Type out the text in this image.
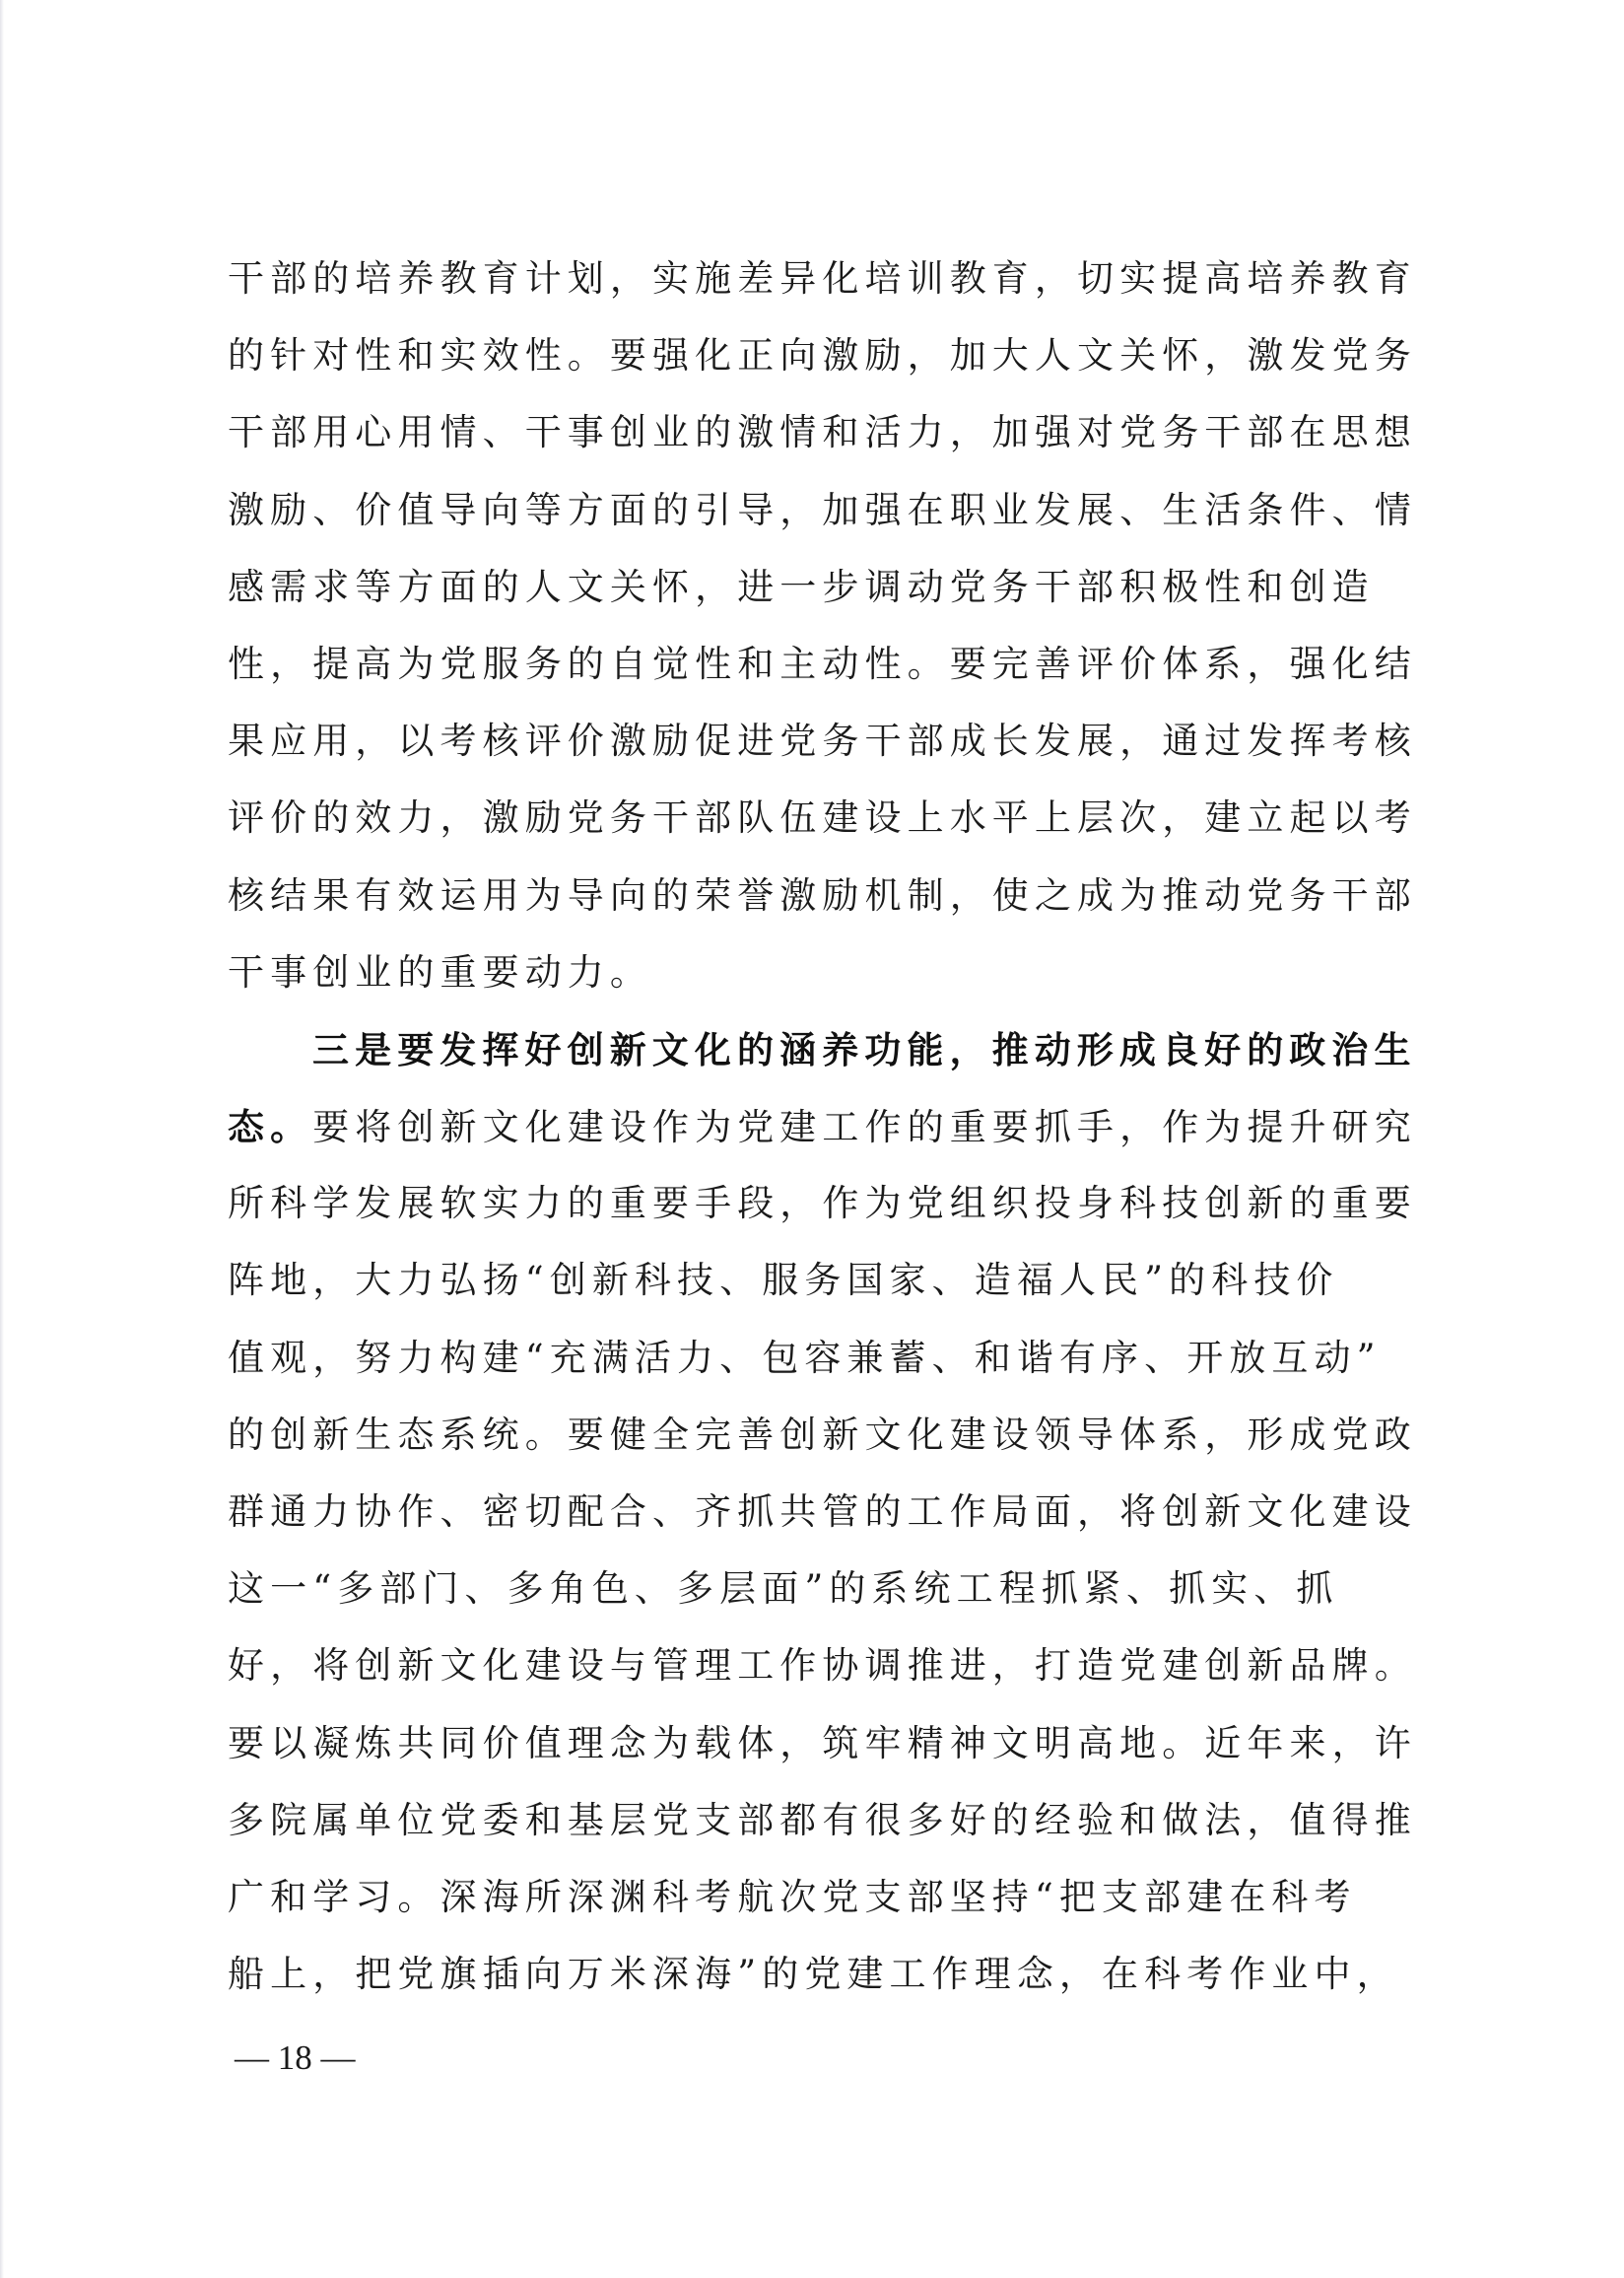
干部的培养教育计划，实施差异化培训教育，切实提高培养教育
的针对性和实效性。要强化正向激励，加大人文关怀，激发党务
干部用心用情、干事创业的激情和活力，加强对党务干部在思想
激励、价值导向等方面的引导，加强在职业发展、生活条件、情
感需求等方面的人文关怀，进一步调动党务干部积极性和创造
性，提高为党服务的自觉性和主动性。要完善评价体系，强化结
果应用，以考核评价激励促进党务干部成长发展，通过发挥考核
评价的效力，激励党务干部队伍建设上水平上层次，建立起以考
核结果有效运用为导向的荣誉激励机制，使之成为推动党务干部
干事创业的重要动力。
三是要发挥好创新文化的涵养功能，推动形成良好的政治生
态。要将创新文化建设作为党建工作的重要抓手，作为提升研究
所科学发展软实力的重要手段，作为党组织投身科技创新的重要
阵地，大力弘扬“创新科技、服务国家、造福人民”的科技价
值观，努力构建“充满活力、包容兼蓄、和谐有序、开放互动”
的创新生态系统。要健全完善创新文化建设领导体系，形成党政
群通力协作、密切配合、齐抓共管的工作局面，将创新文化建设
这一“多部门、多角色、多层面”的系统工程抓紧、抓实、抓
好，将创新文化建设与管理工作协调推进，打造党建创新品牌。
要以凝炼共同价值理念为载体，筑牢精神文明高地。近年来，许
多院属单位党委和基层党支部都有很多好的经验和做法，值得推
广和学习。深海所深渊科考航次党支部坚持“把支部建在科考
船上，把党旗插向万米深海”的党建工作理念，在科考作业中，
— 18 —
